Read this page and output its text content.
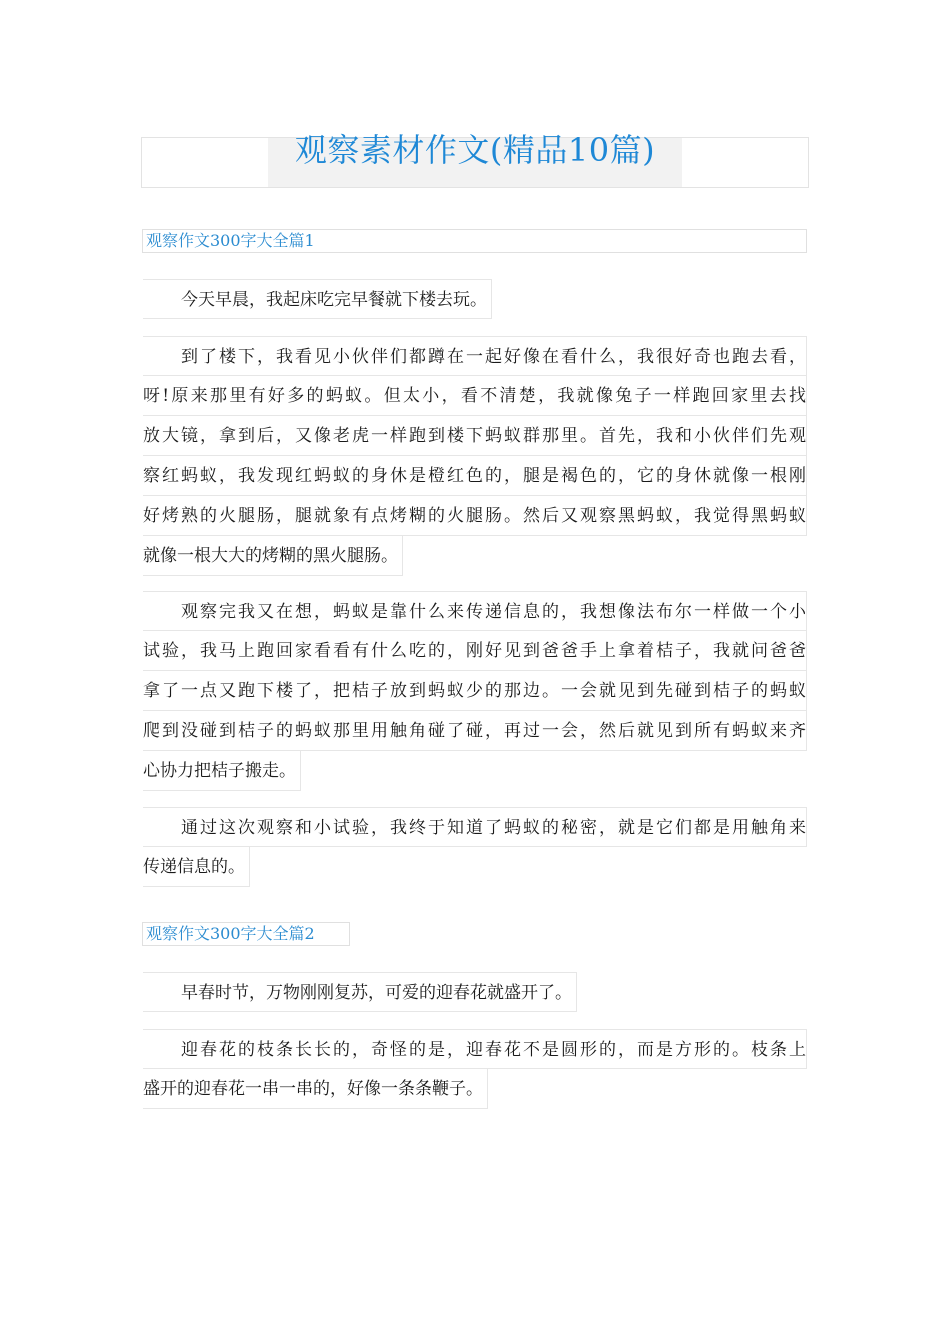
观察素材作文(精品10篇)
观察作文300字大全篇1
今天早晨，我起床吃完早餐就下楼去玩。
到了楼下，我看见小伙伴们都蹲在一起好像在看什么，我很好奇也跑去看，
呀!原来那里有好多的蚂蚁。但太小，看不清楚，我就像兔子一样跑回家里去找
放大镜，拿到后，又像老虎一样跑到楼下蚂蚁群那里。首先，我和小伙伴们先观
察红蚂蚁，我发现红蚂蚁的身休是橙红色的，腿是褐色的，它的身休就像一根刚
好烤熟的火腿肠，腿就象有点烤糊的火腿肠。然后又观察黑蚂蚁，我觉得黑蚂蚁
就像一根大大的烤糊的黑火腿肠。
观察完我又在想，蚂蚁是靠什么来传递信息的，我想像法布尔一样做一个小
试验，我马上跑回家看看有什么吃的，刚好见到爸爸手上拿着桔子，我就问爸爸
拿了一点又跑下楼了，把桔子放到蚂蚁少的那边。一会就见到先碰到桔子的蚂蚁
爬到没碰到桔子的蚂蚁那里用触角碰了碰，再过一会，然后就见到所有蚂蚁来齐
心协力把桔子搬走。
通过这次观察和小试验，我终于知道了蚂蚁的秘密，就是它们都是用触角来
传递信息的。
观察作文300字大全篇2
早春时节，万物刚刚复苏，可爱的迎春花就盛开了。
迎春花的枝条长长的，奇怪的是，迎春花不是圆形的，而是方形的。枝条上
盛开的迎春花一串一串的，好像一条条鞭子。
